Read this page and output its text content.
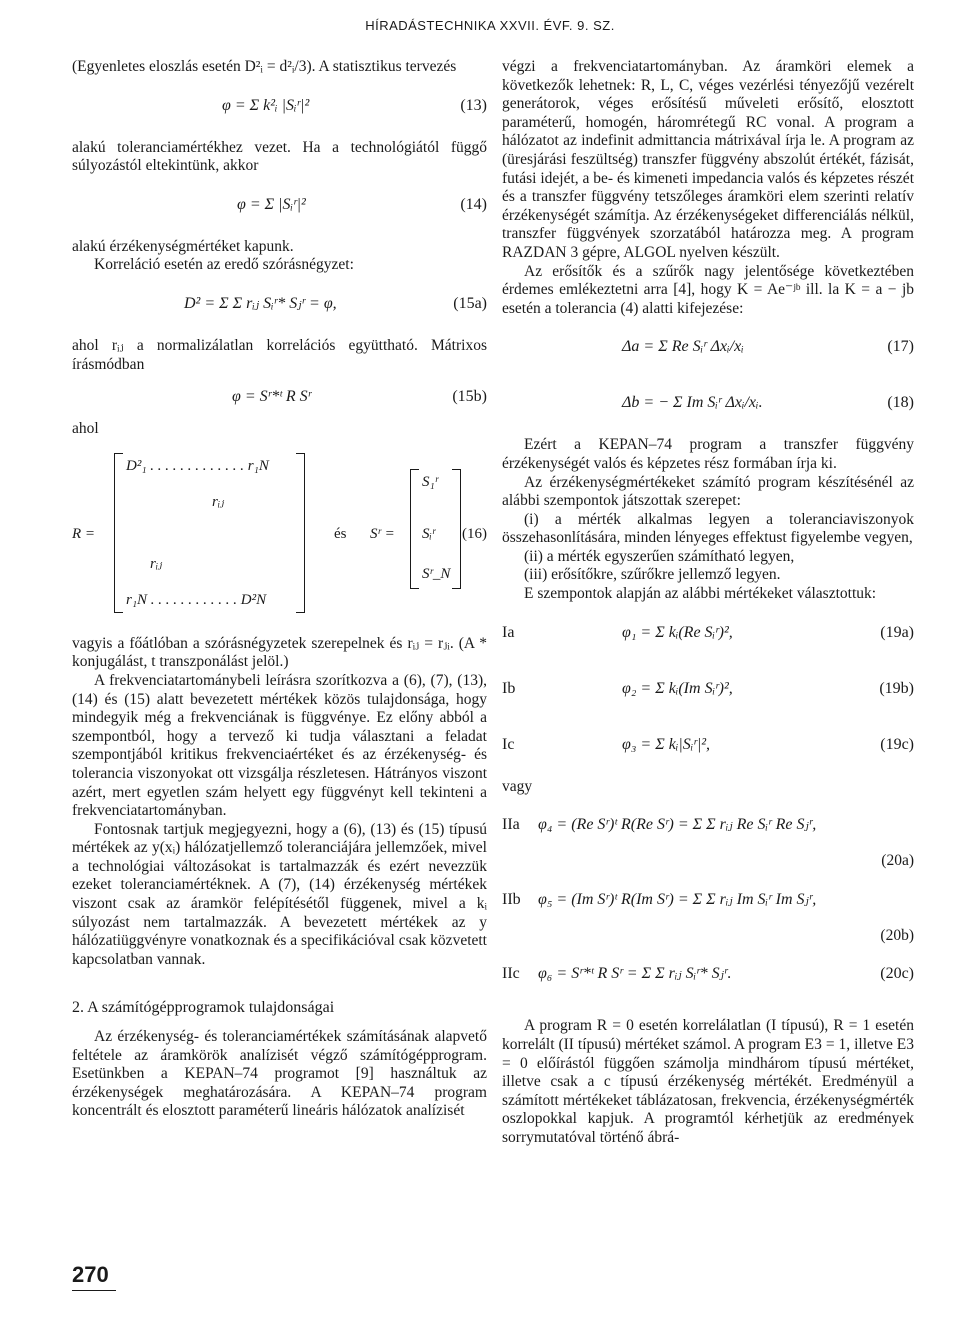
HÍRADÁSTECHNIKA XXVII. ÉVF. 9. SZ.

(Egyenletes eloszlás esetén D²ᵢ = d²ᵢ/3). A statisztikus tervezés

φ = Σ k²ᵢ |Sᵢʳ|²	(13)

alakú toleranciamértékhez vezet. Ha a technológiától függő súlyozástól eltekintünk, akkor

φ = Σ |Sᵢʳ|²	(14)

alakú érzékenységmértéket kapunk.

Korreláció esetén az eredő szórásnégyzet:

D² = Σ Σ rᵢⱼ Sᵢʳ* Sⱼʳ = φ,	(15a)

ahol rᵢⱼ a normalizálatlan korrelációs együttható. Mátrixos írásmódban

φ = Sʳ*ᵗ R Sʳ	(15b)

ahol

R =
D²₁ . . . . . . . . . . . . . r₁N
rᵢⱼ
rᵢⱼ
r₁N . . . . . . . . . . . . D²N
és Sʳ =
S₁ʳ
Sᵢʳ
Sʳ_N
(16)

vagyis a főátlóban a szórásnégyzetek szerepelnek és rᵢⱼ = rⱼᵢ. (A * konjugálást, t transzponálást jelöl.)

A frekvenciatartománybeli leírásra szorítkozva a (6), (7), (13), (14) és (15) alatt bevezetett mértékek közös tulajdonsága, hogy mindegyik még a frekvenciának is függvénye. Ez előny abból a szempontból, hogy a tervező ki tudja választani a feladat szempontjából kritikus frekvenciaértéket és az érzékenység- és tolerancia viszonyokat ott vizsgálja részletesen. Hátrányos viszont azért, mert egyetlen szám helyett egy függvényt kell tekinteni a frekvenciatartományban.

Fontosnak tartjuk megjegyezni, hogy a (6), (13) és (15) típusú mértékek az y(xᵢ) hálózatjellemző toleranciájára jellemzőek, mivel a technológiai változásokat is tartalmazzák és ezért nevezzük ezeket toleranciamértéknek. A (7), (14) érzékenység mértékek viszont csak az áramkör felépítésétől függenek, mivel a kᵢ súlyozást nem tartalmazzák. A bevezetett mértékek az y hálózatiüggvényre vonatkoznak és a specifikációval csak közvetett kapcsolatban vannak.

2. A számítógépprogramok tulajdonságai

Az érzékenység- és toleranciamértékek számításának alapvető feltétele az áramkörök analízisét végző számítógépprogram. Esetünkben a KEPAN–74 programot [9] használtuk az érzékenységek meghatározására. A KEPAN–74 program koncentrált és elosztott paraméterű lineáris hálózatok analízisét

végzi a frekvenciatartományban. Az áramköri elemek a következők lehetnek: R, L, C, véges vezérlési tényezőjű vezérelt generátorok, véges erősítésű műveleti erősítő, elosztott paraméterű, homogén, háromrétegű RC vonal. A program a hálózatot az indefinit admittancia mátrixával írja le. A program az (üresjárási feszültség) transzfer függvény abszolút értékét, fázisát, futási idejét, a be- és kimeneti impedancia valós és képzetes részét és a transzfer függvény tetszőleges áramköri elem szerinti relatív érzékenységét számítja. Az érzékenységeket differenciálás nélkül, transzfer függvények szorzatából határozza meg. A program RAZDAN 3 gépre, ALGOL nyelven készült.

Az erősítők és a szűrők nagy jelentősége következtében érdemes emlékeztetni arra [4], hogy K = Ae⁻ʲᵇ ill. la K = a − jb esetén a tolerancia (4) alatti kifejezése:

Δa = Σ Re Sᵢʳ Δxᵢ/xᵢ	(17)
Δb = − Σ Im Sᵢʳ Δxᵢ/xᵢ.	(18)

Ezért a KEPAN–74 program a transzfer függvény érzékenységét valós és képzetes rész formában írja ki.

Az érzékenységmértékeket számító program készítésénél az alábbi szempontok játszottak szerepet:

(i) a mérték alkalmas legyen a toleranciaviszonyok összehasonlítására, minden lényeges effektust figyelembe vegyen,

(ii) a mérték egyszerűen számítható legyen,

(iii) erősítőkre, szűrőkre jellemző legyen.

E szempontok alapján az alábbi mértékeket választottuk:

Ia	φ₁ = Σ kᵢ(Re Sᵢʳ)²,	(19a)
Ib	φ₂ = Σ kᵢ(Im Sᵢʳ)²,	(19b)
Ic	φ₃ = Σ kᵢ|Sᵢʳ|²,	(19c)

vagy

IIa φ₄ = (Re Sʳ)ᵗ R(Re Sʳ) = Σ Σ rᵢⱼ Re Sᵢʳ Re Sⱼʳ,
(20a)
IIb φ₅ = (Im Sʳ)ᵗ R(Im Sʳ) = Σ Σ rᵢⱼ Im Sᵢʳ Im Sⱼʳ,
(20b)
IIc φ₆ = Sʳ*ᵗ R Sʳ = Σ Σ rᵢⱼ Sᵢʳ* Sⱼʳ.	(20c)

A program R = 0 esetén korrelálatlan (I típusú), R = 1 esetén korrelált (II típusú) mértéket számol. A program E3 = 1, illetve E3 = 0 előírástól függően számolja mindhárom típusú mértéket, illetve csak a c típusú érzékenység mértékét. Eredményül a számított mértékeket táblázatosan, frekvencia, érzékenységmérték oszlopokkal kapjuk. A programtól kérhetjük az eredmények sorrymutatóval történő ábrá-

270
